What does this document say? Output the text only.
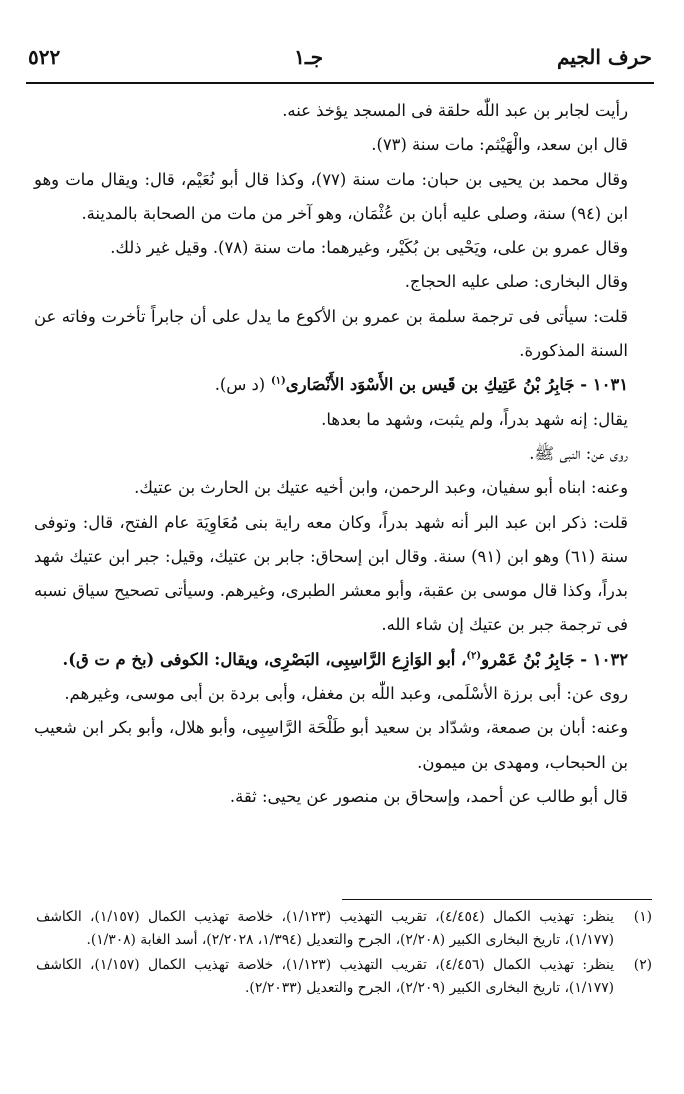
حرف الجيم
جـ١
٥٢٢

رأيت لجابر بن عبد اللّٰه حلقة فى المسجد يؤخذ عنه.

قال ابن سعد، والْهَيْثم: مات سنة (٧٣).

وقال محمد بن يحيى بن حبان: مات سنة (٧٧)، وكذا قال أبو نُعَيْم، قال: ويقال مات وهو ابن (٩٤) سنة، وصلى عليه أبان بن عُثْمَان، وهو آخر من مات من الصحابة بالمدينة.

وقال عمرو بن على، ويَحْيى بن بُكَيْر، وغيرهما: مات سنة (٧٨). وقيل غير ذلك.

وقال البخارى: صلى عليه الحجاج.

قلت: سيأتى فى ترجمة سلمة بن عمرو بن الأكوع ما يدل على أن جابراً تأخرت وفاته عن السنة المذكورة.

١٠٣١ - جَابِرُ بْنُ عَتِيكِ بن قَيس بن الأَسْوَد الأَنْصَارى$^{(١)}$ (د س).

يقال: إنه شهد بدراً، ولم يثبت، وشهد ما بعدها.

روى عن: النبى ﷺ.

وعنه: ابناه أبو سفيان، وعبد الرحمن، وابن أخيه عتيك بن الحارث بن عتيك.

قلت: ذكر ابن عبد البر أنه شهد بدراً، وكان معه راية بنى مُعَاوِيَة عام الفتح، قال: وتوفى سنة (٦١) وهو ابن (٩١) سنة. وقال ابن إسحاق: جابر بن عتيك، وقيل: جبر ابن عتيك شهد بدراً، وكذا قال موسى بن عقبة، وأبو معشر الطبرى، وغيرهم. وسيأتى تصحيح سياق نسبه فى ترجمة جبر بن عتيك إن شاء الله.

١٠٣٢ - جَابِرُ بْنُ عَمْرو$^{(٢)}$، أبو الوَازِع الرَّاسِبِى، البَصْرِى، ويقال: الكوفى (بخ م ت ق).

روى عن: أبى برزة الأسْلَمى، وعبد اللّٰه بن مغفل، وأبى بردة بن أبى موسى، وغيرهم.

وعنه: أبان بن صمعة، وشدّاد بن سعيد أبو طَلْحَة الرَّاسِبِى، وأبو هلال، وأبو بكر ابن شعيب بن الحبحاب، ومهدى بن ميمون.

قال أبو طالب عن أحمد، وإسحاق بن منصور عن يحيى: ثقة.

(١)
ينظر: تهذيب الكمال (٤/٤٥٤)، تقريب التهذيب (١/١٢٣)، خلاصة تهذيب الكمال (١/١٥٧)، الكاشف (١/١٧٧)، تاريخ البخارى الكبير (٢/٢٠٨)، الجرح والتعديل (١/٣٩٤، ٢/٢٠٢٨)، أسد الغابة (١/٣٠٨).
(٢)
ينظر: تهذيب الكمال (٤/٤٥٦)، تقريب التهذيب (١/١٢٣)، خلاصة تهذيب الكمال (١/١٥٧)، الكاشف (١/١٧٧)، تاريخ البخارى الكبير (٢/٢٠٩)، الجرح والتعديل (٢/٢٠٣٣).
